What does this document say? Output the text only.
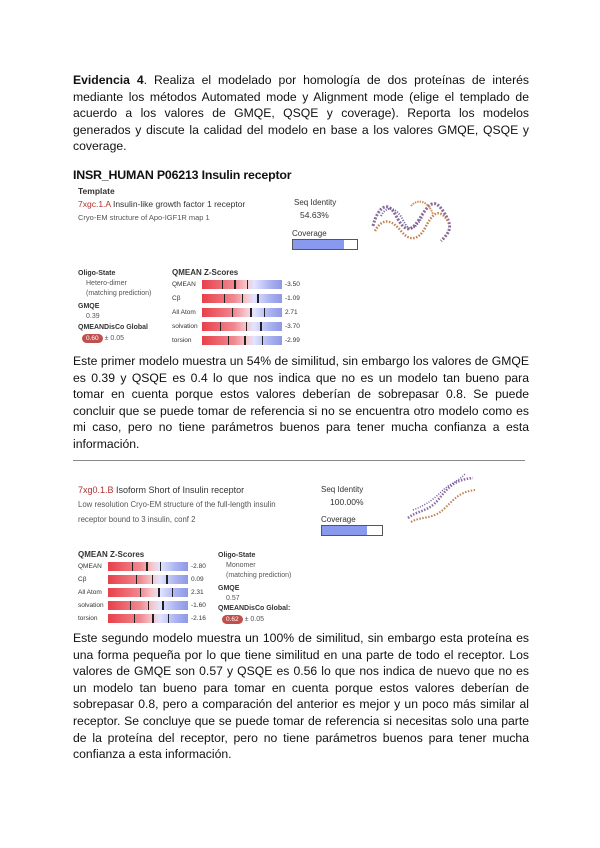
Evidencia 4. Realiza el modelado por homología de dos proteínas de interés mediante los métodos Automated mode y Alignment mode (elige el templado de acuerdo a los valores de GMQE, QSQE y coverage). Reporta los modelos generados y discute la calidad del modelo en base a los valores GMQE, QSQE y coverage.
INSR_HUMAN P06213 Insulin receptor
Template
7xgc.1.A Insulin-like growth factor 1 receptor
Cryo-EM structure of Apo-IGF1R map 1
Seq Identity
54.63%
Coverage
Oligo-State
Hetero-dimer
(matching prediction)
GMQE
0.39
QMEANDisCo Global
0.60 ± 0.05
QMEAN Z-Scores
QMEAN	-3.50
Cβ	-1.09
All Atom	2.71
solvation	-3.70
torsion	-2.99
Este primer modelo muestra un 54% de similitud, sin embargo los valores de GMQE es 0.39 y QSQE es 0.4 lo que nos indica que no es un modelo tan bueno para tomar en cuenta porque estos valores deberían de sobrepasar 0.8. Se puede concluir que se puede tomar de referencia si no se encuentra otro modelo como es mi caso, pero no tiene parámetros buenos para tener mucha confianza a esta información.
7xg0.1.B Isoform Short of Insulin receptor
Low resolution Cryo-EM structure of the full-length insulin
receptor bound to 3 insulin, conf 2
Seq Identity
100.00%
Coverage
QMEAN Z-Scores
QMEAN	-2.80
Cβ	0.09
All Atom	2.31
solvation	-1.60
torsion	-2.16
Oligo-State
Monomer
(matching prediction)
GMQE
0.57
QMEANDisCo Global:
0.62 ± 0.05
Este segundo modelo muestra un 100% de similitud, sin embargo esta proteína es una forma pequeña por lo que tiene similitud en una parte de todo el receptor. Los valores de GMQE son 0.57 y QSQE es 0.56 lo que nos indica de nuevo que no es un modelo tan bueno para tomar en cuenta porque estos valores deberían de sobrepasar 0.8, pero a comparación del anterior es mejor y un poco más similar al receptor. Se concluye que se puede tomar de referencia si necesitas solo una parte de la proteína del receptor, pero no tiene parámetros buenos para tener mucha confianza a esta información.
